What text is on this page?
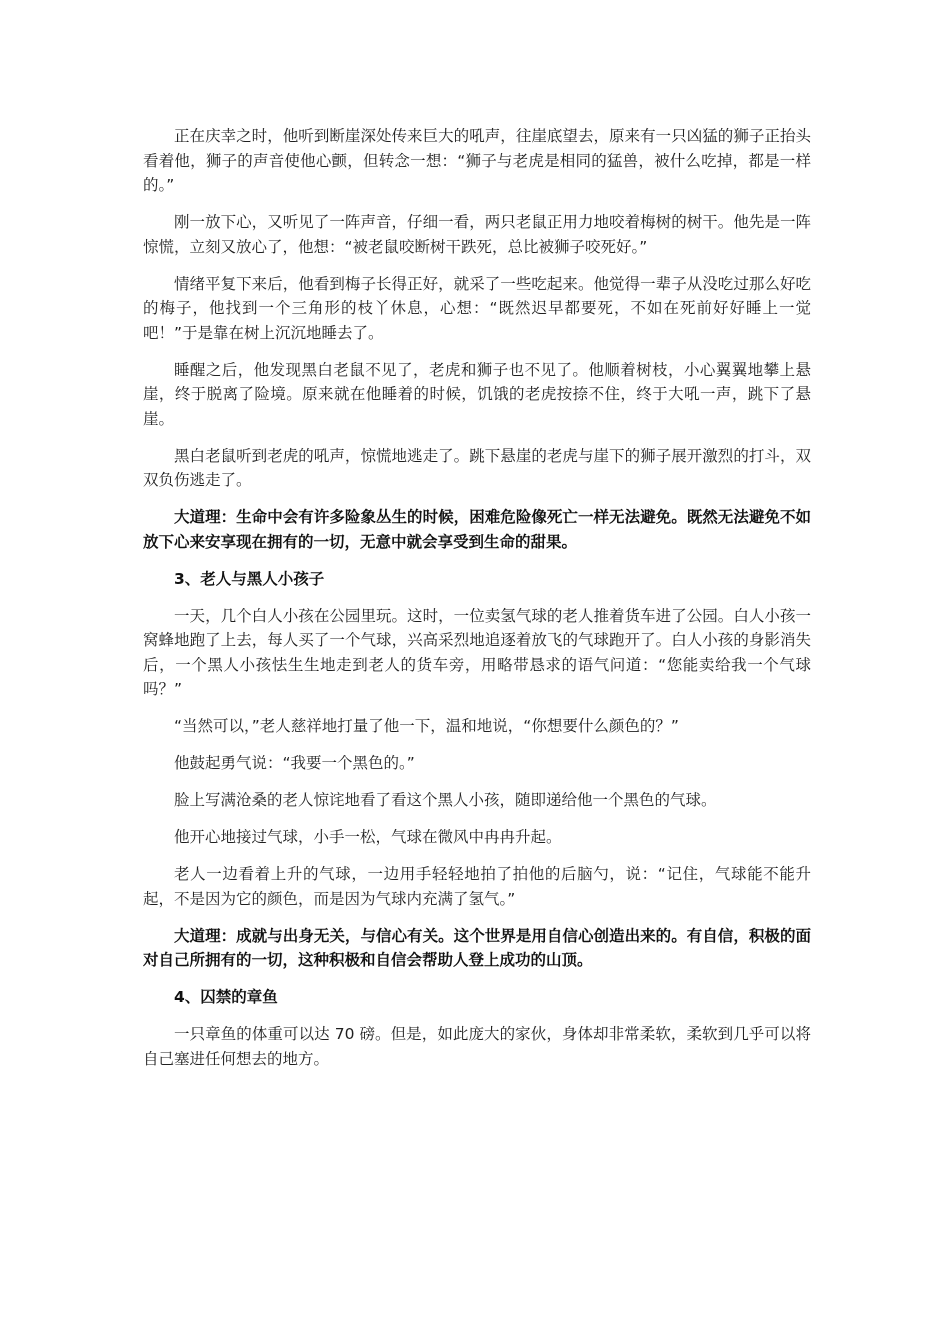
正在庆幸之时，他听到断崖深处传来巨大的吼声，往崖底望去，原来有一只凶猛的狮子正抬头看着他，狮子的声音使他心颤，但转念一想：“狮子与老虎是相同的猛兽，被什么吃掉，都是一样的。”

刚一放下心，又听见了一阵声音，仔细一看，两只老鼠正用力地咬着梅树的树干。他先是一阵惊慌，立刻又放心了，他想：“被老鼠咬断树干跌死，总比被狮子咬死好。”

情绪平复下来后，他看到梅子长得正好，就采了一些吃起来。他觉得一辈子从没吃过那么好吃的梅子，他找到一个三角形的枝丫休息，心想：“既然迟早都要死，不如在死前好好睡上一觉吧！”于是靠在树上沉沉地睡去了。

睡醒之后，他发现黑白老鼠不见了，老虎和狮子也不见了。他顺着树枝，小心翼翼地攀上悬崖，终于脱离了险境。原来就在他睡着的时候，饥饿的老虎按捺不住，终于大吼一声，跳下了悬崖。

黑白老鼠听到老虎的吼声，惊慌地逃走了。跳下悬崖的老虎与崖下的狮子展开激烈的打斗，双双负伤逃走了。

大道理：生命中会有许多险象丛生的时候，困难危险像死亡一样无法避免。既然无法避免不如放下心来安享现在拥有的一切，无意中就会享受到生命的甜果。

3、老人与黑人小孩子

一天，几个白人小孩在公园里玩。这时，一位卖氢气球的老人推着货车进了公园。白人小孩一窝蜂地跑了上去，每人买了一个气球，兴高采烈地追逐着放飞的气球跑开了。白人小孩的身影消失后，一个黑人小孩怯生生地走到老人的货车旁，用略带恳求的语气问道：“您能卖给我一个气球吗？”

“当然可以，”老人慈祥地打量了他一下，温和地说，“你想要什么颜色的？”

他鼓起勇气说：“我要一个黑色的。”

脸上写满沧桑的老人惊诧地看了看这个黑人小孩，随即递给他一个黑色的气球。

他开心地接过气球，小手一松，气球在微风中冉冉升起。

老人一边看着上升的气球，一边用手轻轻地拍了拍他的后脑勺，说：“记住，气球能不能升起，不是因为它的颜色，而是因为气球内充满了氢气。”

大道理：成就与出身无关，与信心有关。这个世界是用自信心创造出来的。有自信，积极的面对自己所拥有的一切，这种积极和自信会帮助人登上成功的山顶。

4、囚禁的章鱼

一只章鱼的体重可以达 70 磅。但是，如此庞大的家伙，身体却非常柔软，柔软到几乎可以将自己塞进任何想去的地方。
